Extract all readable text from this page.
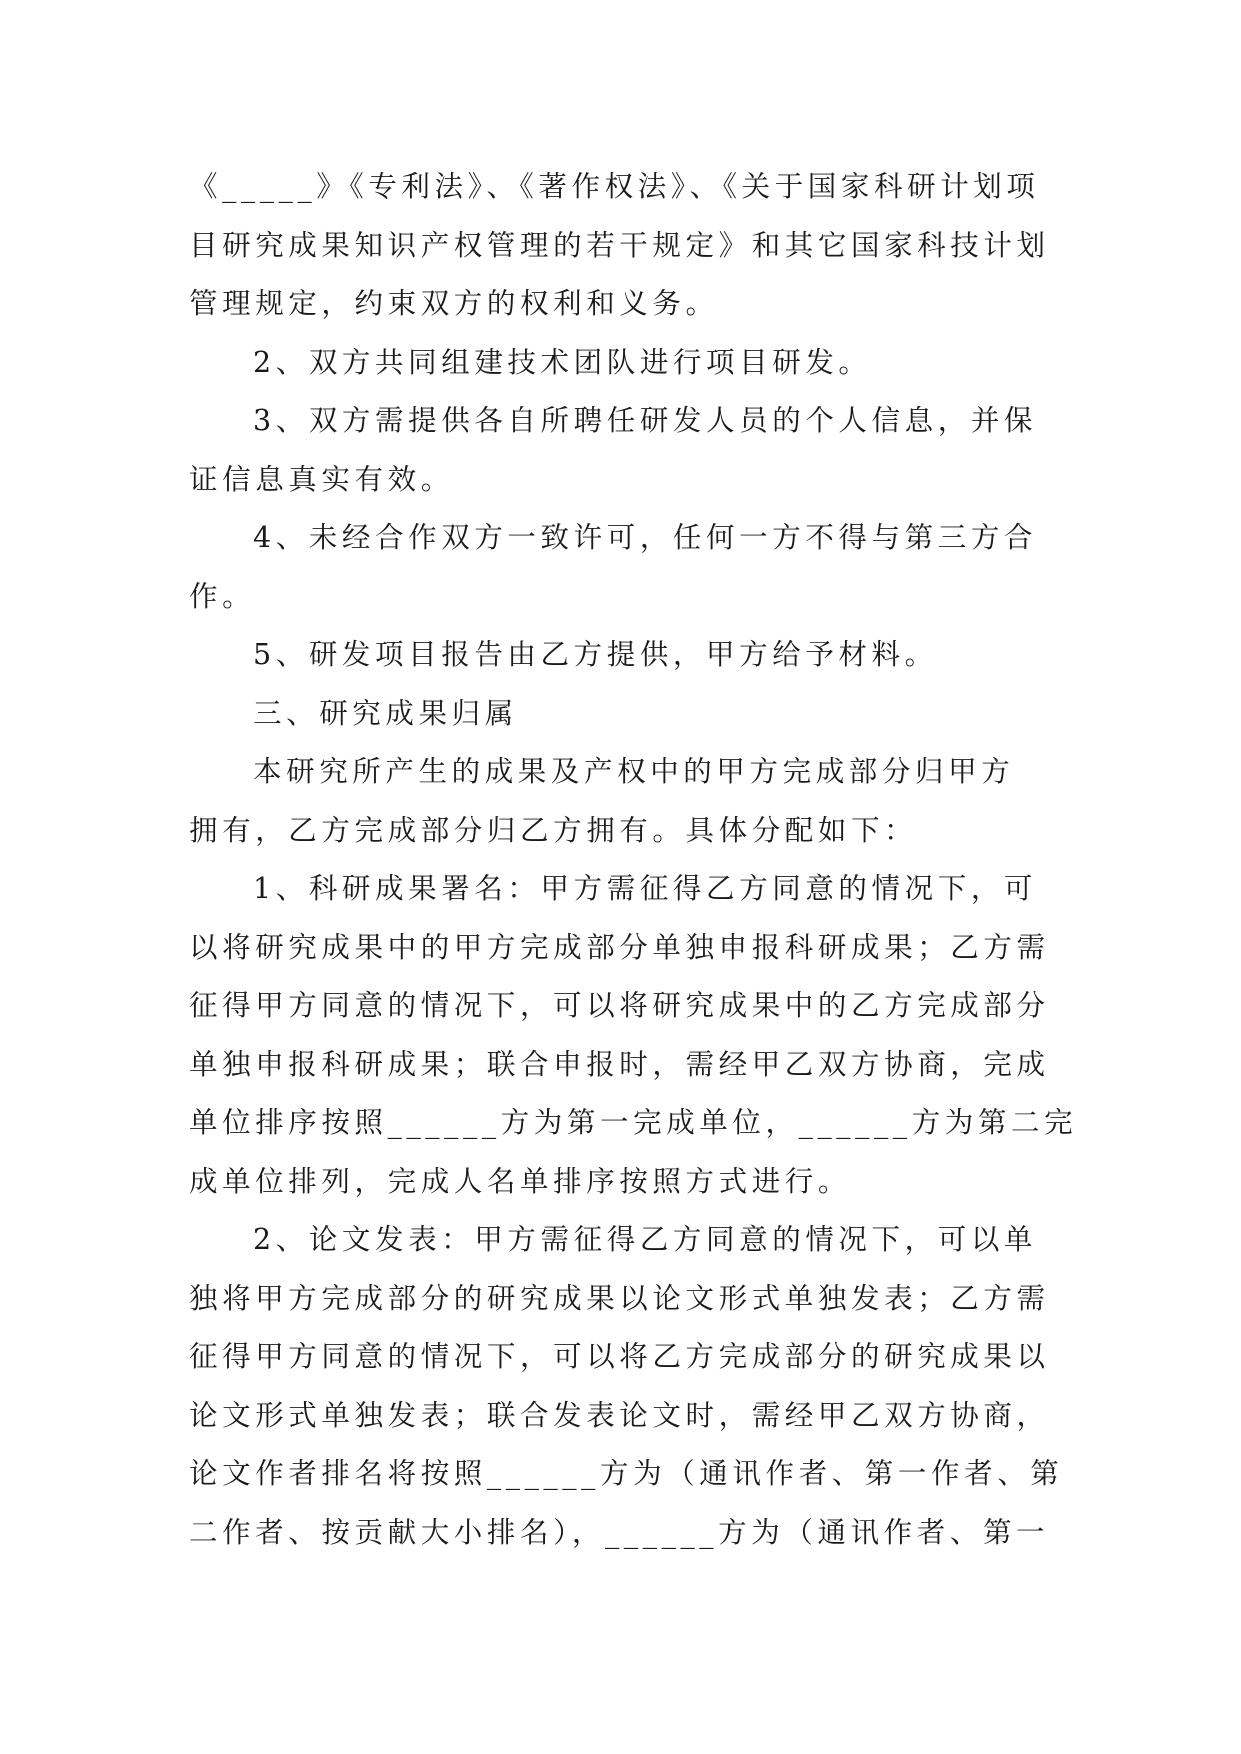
《_____》《专利法》、《著作权法》、《关于国家科研计划项
目研究成果知识产权管理的若干规定》和其它国家科技计划
管理规定，约束双方的权利和义务。
2、双方共同组建技术团队进行项目研发。
3、双方需提供各自所聘任研发人员的个人信息，并保
证信息真实有效。
4、未经合作双方一致许可，任何一方不得与第三方合
作。
5、研发项目报告由乙方提供，甲方给予材料。
三、研究成果归属
本研究所产生的成果及产权中的甲方完成部分归甲方
拥有，乙方完成部分归乙方拥有。具体分配如下：
1、科研成果署名：甲方需征得乙方同意的情况下，可
以将研究成果中的甲方完成部分单独申报科研成果；乙方需
征得甲方同意的情况下，可以将研究成果中的乙方完成部分
单独申报科研成果；联合申报时，需经甲乙双方协商，完成
单位排序按照______方为第一完成单位，______方为第二完
成单位排列，完成人名单排序按照方式进行。
2、论文发表：甲方需征得乙方同意的情况下，可以单
独将甲方完成部分的研究成果以论文形式单独发表；乙方需
征得甲方同意的情况下，可以将乙方完成部分的研究成果以
论文形式单独发表；联合发表论文时，需经甲乙双方协商，
论文作者排名将按照______方为（通讯作者、第一作者、第
二作者、按贡献大小排名），______方为（通讯作者、第一
